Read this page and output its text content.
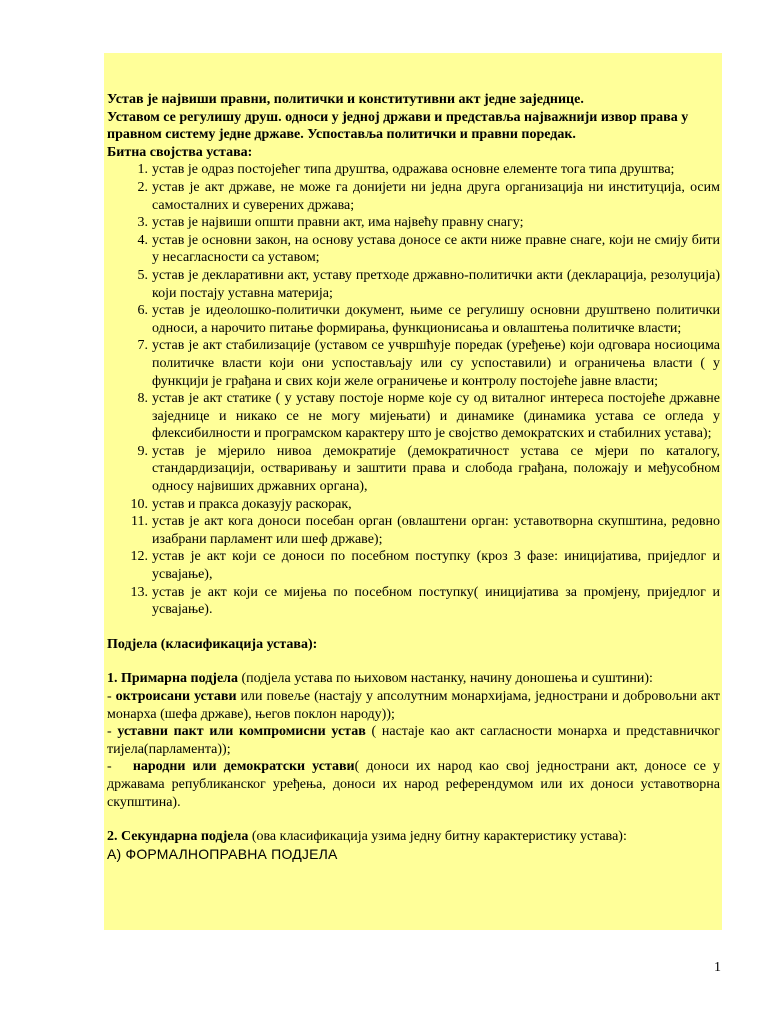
Устав је највиши правни, политички и конститутивни акт једне заједнице.

Уставом се регулишу друш. односи у једној држави и представља најважнији извор права у правном систему једне државе. Успоставља политички и правни поредак.

Битна својства устава:

1. устав је одраз постојећег типа друштва, одражава основне елементе тога типа друштва;
2. устав је акт државе, не може га донијети ни једна друга организација ни институција, осим самосталних и суверених држава;
3. устав је највиши општи правни акт, има највећу правну снагу;
4. устав је основни закон, на основу устава доносе се акти ниже правне снаге, који не смију бити у несагласности са уставом;
5. устав је декларативни акт, уставу претходе државно-политички акти (декларација, резолуција) који постају уставна материја;
6. устав је идеолошко-политички документ, њиме се регулишу основни друштвено политички односи, а нарочито питање формирања, функционисања и овлаштења политичке власти;
7. устав је акт стабилизације (уставом се учвршћује поредак (уређење) који одговара носиоцима политичке власти који они успостављају или су успоставили) и ограничења власти ( у функцији је грађана и свих који желе ограничење и контролу постојеће јавне власти;
8. устав је акт статике ( у уставу постоје норме које су од виталног интереса постојеће државне заједнице и никако се не могу мијењати) и динамике (динамика устава се огледа у флексибилности и програмском карактеру што је својство демократских и стабилних устава);
9. устав је мјерило нивоа демократије (демократичност устава се мјери по каталогу, стандардизацији, остваривању и заштити права и слобода грађана, положају и међусобном односу највиших државних органа),
10. устав и пракса доказују раскорак,
11. устав је акт кога доноси посебан орган (овлаштени орган: уставотворна скупштина, редовно изабрани парламент или шеф државе);
12. устав је акт који се доноси по посебном поступку (кроз 3 фазе: иницијатива, приједлог и усвајање),
13. устав је акт који се мијења по посебном поступку( иницијатива за промјену, приједлог и усвајање).

Подјела (класификација устава):

1. Примарна подјела (подјела устава по њиховом настанку, начину доношења и суштини):

- октроисани устави или повеље (настају у апсолутним монархијама, једнострани и добровољни акт монарха (шефа државе), његов поклон народу));

- уставни пакт или компромисни устав ( настаје као акт сагласности монарха и представничког тијела(парламента));

-   народни или демократски устави( доноси их народ као свој једнострани акт, доносе се у државама републиканског уређења, доноси их народ референдумом или их доноси уставотворна скупштина).

2. Секундарна подјела (ова класификација узима једну битну карактеристику устава):

А) ФОРМАЛНОПРАВНА ПОДЈЕЛА

1
